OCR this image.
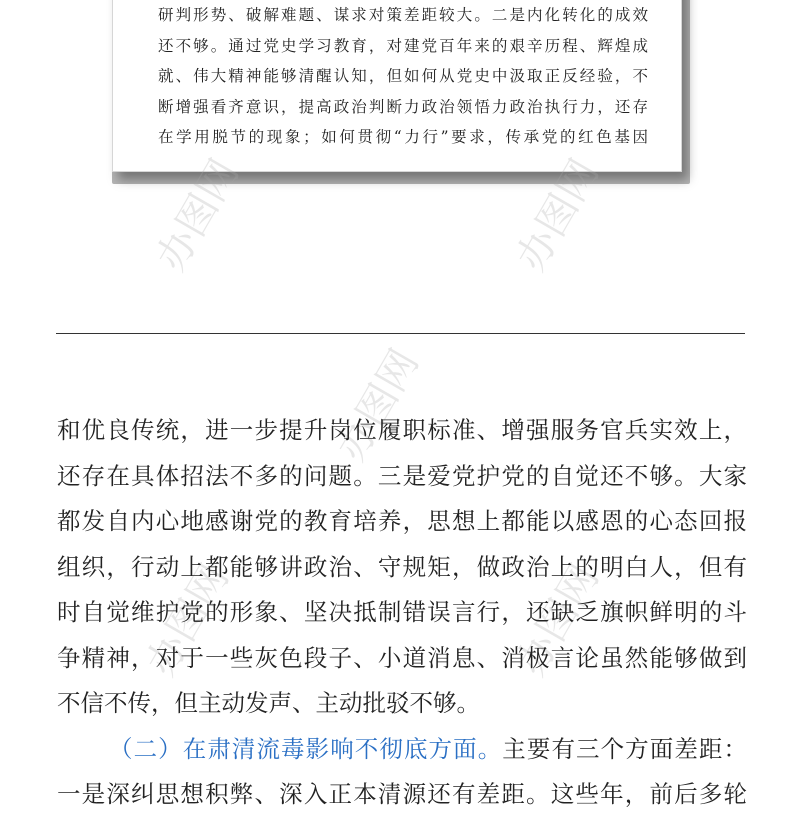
研判形势、破解难题、谋求对策差距较大。二是内化转化的成效
还不够。通过党史学习教育，对建党百年来的艰辛历程、辉煌成
就、伟大精神能够清醒认知，但如何从党史中汲取正反经验，不
断增强看齐意识，提高政治判断力政治领悟力政治执行力，还存
在学用脱节的现象；如何贯彻“力行”要求，传承党的红色基因
办图网	办图网
办图网
办图网	办图网
和优良传统，进一步提升岗位履职标准、增强服务官兵实效上，
还存在具体招法不多的问题。三是爱党护党的自觉还不够。大家
都发自内心地感谢党的教育培养，思想上都能以感恩的心态回报
组织，行动上都能够讲政治、守规矩，做政治上的明白人，但有
时自觉维护党的形象、坚决抵制错误言行，还缺乏旗帜鲜明的斗
争精神，对于一些灰色段子、小道消息、消极言论虽然能够做到
不信不传，但主动发声、主动批驳不够。
（二）在肃清流毒影响不彻底方面。主要有三个方面差距：
一是深纠思想积弊、深入正本清源还有差距。这些年，前后多轮
